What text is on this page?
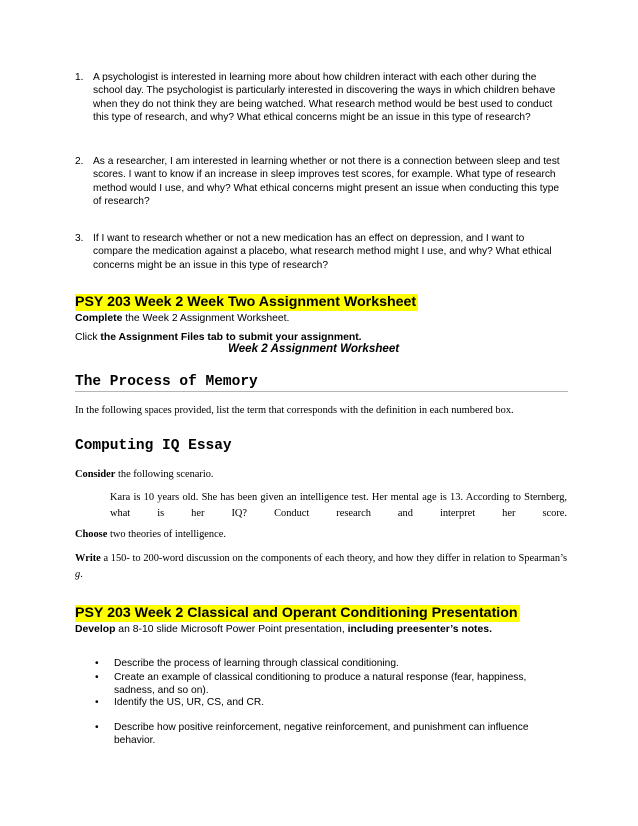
1. A psychologist is interested in learning more about how children interact with each other during the school day. The psychologist is particularly interested in discovering the ways in which children behave when they do not think they are being watched. What research method would be best used to conduct this type of research, and why? What ethical concerns might be an issue in this type of research?
2. As a researcher, I am interested in learning whether or not there is a connection between sleep and test scores. I want to know if an increase in sleep improves test scores, for example. What type of research method would I use, and why? What ethical concerns might present an issue when conducting this type of research?
3. If I want to research whether or not a new medication has an effect on depression, and I want to compare the medication against a placebo, what research method might I use, and why? What ethical concerns might be an issue in this type of research?
PSY 203 Week 2 Week Two Assignment Worksheet
Complete the Week 2 Assignment Worksheet.
Click the Assignment Files tab to submit your assignment.
Week 2 Assignment Worksheet
The Process of Memory
In the following spaces provided, list the term that corresponds with the definition in each numbered box.
Computing IQ Essay
Consider the following scenario.
Kara is 10 years old. She has been given an intelligence test. Her mental age is 13. According to Sternberg, what is her IQ? Conduct research and interpret her score.
Choose two theories of intelligence.
Write a 150- to 200-word discussion on the components of each theory, and how they differ in relation to Spearman’s g.
PSY 203 Week 2 Classical and Operant Conditioning Presentation
Develop an 8-10 slide Microsoft Power Point presentation, including preesenter’s notes.
• Describe the process of learning through classical conditioning.
• Create an example of classical conditioning to produce a natural response (fear, happiness, sadness, and so on).
• Identify the US, UR, CS, and CR.
• Describe how positive reinforcement, negative reinforcement, and punishment can influence behavior.
